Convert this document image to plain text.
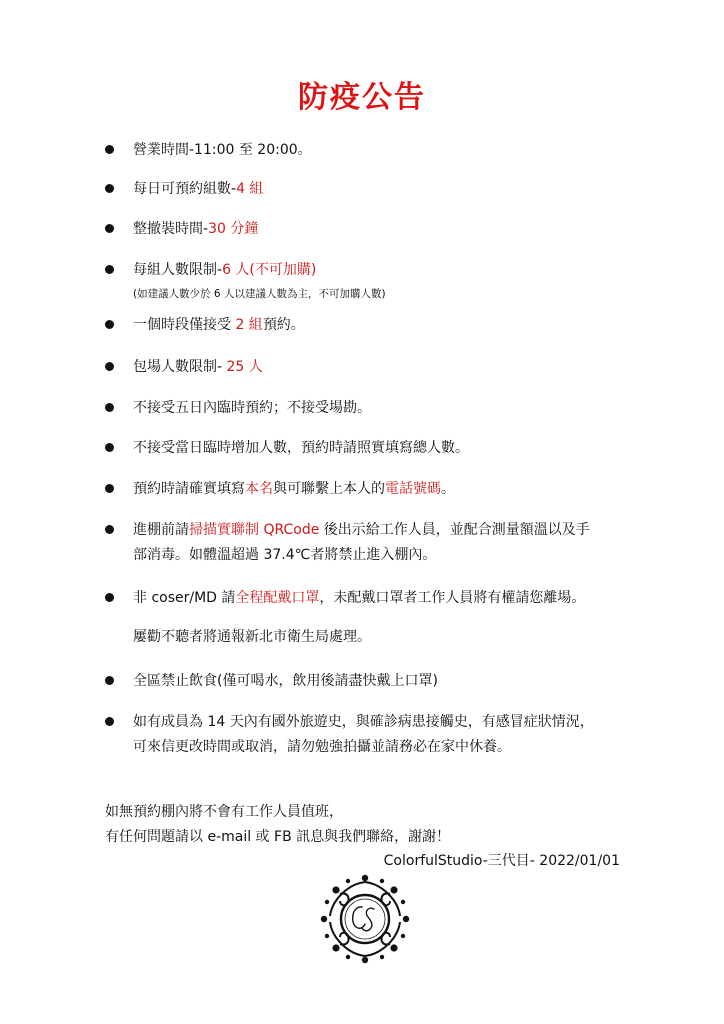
防疫公告
營業時間-11:00 至 20:00。
每日可預約組數-4 組
整撤裝時間-30 分鐘
每組人數限制-6 人(不可加購)
(如建議人數少於 6 人以建議人數為主，不可加購人數)
一個時段僅接受 2 組預約。
包場人數限制- 25 人
不接受五日內臨時預約；不接受場勘。
不接受當日臨時增加人數，預約時請照實填寫總人數。
預約時請確實填寫本名與可聯繫上本人的電話號碼。
進棚前請掃描實聯制 QRCode 後出示給工作人員，並配合測量額溫以及手
部消毒。如體溫超過 37.4℃者將禁止進入棚內。
非 coser/MD 請全程配戴口罩，未配戴口罩者工作人員將有權請您離場。
屢勸不聽者將通報新北市衛生局處理。
全區禁止飲食(僅可喝水，飲用後請盡快戴上口罩)
如有成員為 14 天內有國外旅遊史，與確診病患接觸史，有感冒症狀情況，
可來信更改時間或取消，請勿勉強拍攝並請務必在家中休養。
如無預約棚內將不會有工作人員值班，
有任何問題請以 e-mail 或 FB 訊息與我們聯絡，謝謝！
ColorfulStudio-三代目- 2022/01/01
